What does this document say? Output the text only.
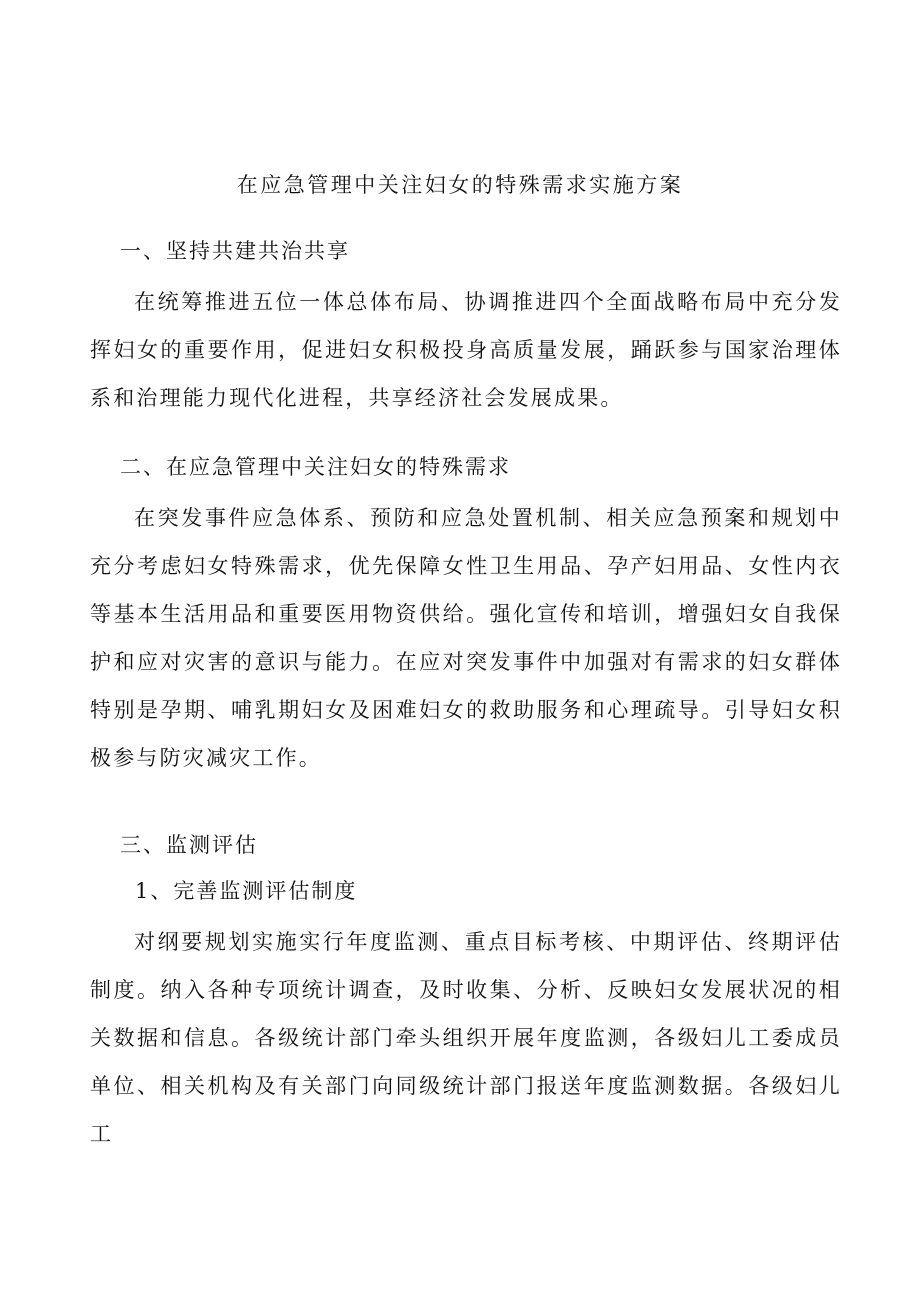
在应急管理中关注妇女的特殊需求实施方案
一、坚持共建共治共享

在统筹推进五位一体总体布局、协调推进四个全面战略布局中充分发挥妇女的重要作用，促进妇女积极投身高质量发展，踊跃参与国家治理体系和治理能力现代化进程，共享经济社会发展成果。

二、在应急管理中关注妇女的特殊需求

在突发事件应急体系、预防和应急处置机制、相关应急预案和规划中充分考虑妇女特殊需求，优先保障女性卫生用品、孕产妇用品、女性内衣等基本生活用品和重要医用物资供给。强化宣传和培训，增强妇女自我保护和应对灾害的意识与能力。在应对突发事件中加强对有需求的妇女群体特别是孕期、哺乳期妇女及困难妇女的救助服务和心理疏导。引导妇女积极参与防灾减灾工作。

三、监测评估
1、完善监测评估制度

对纲要规划实施实行年度监测、重点目标考核、中期评估、终期评估制度。纳入各种专项统计调查，及时收集、分析、反映妇女发展状况的相关数据和信息。各级统计部门牵头组织开展年度监测，各级妇儿工委成员单位、相关机构及有关部门向同级统计部门报送年度监测数据。各级妇儿工
